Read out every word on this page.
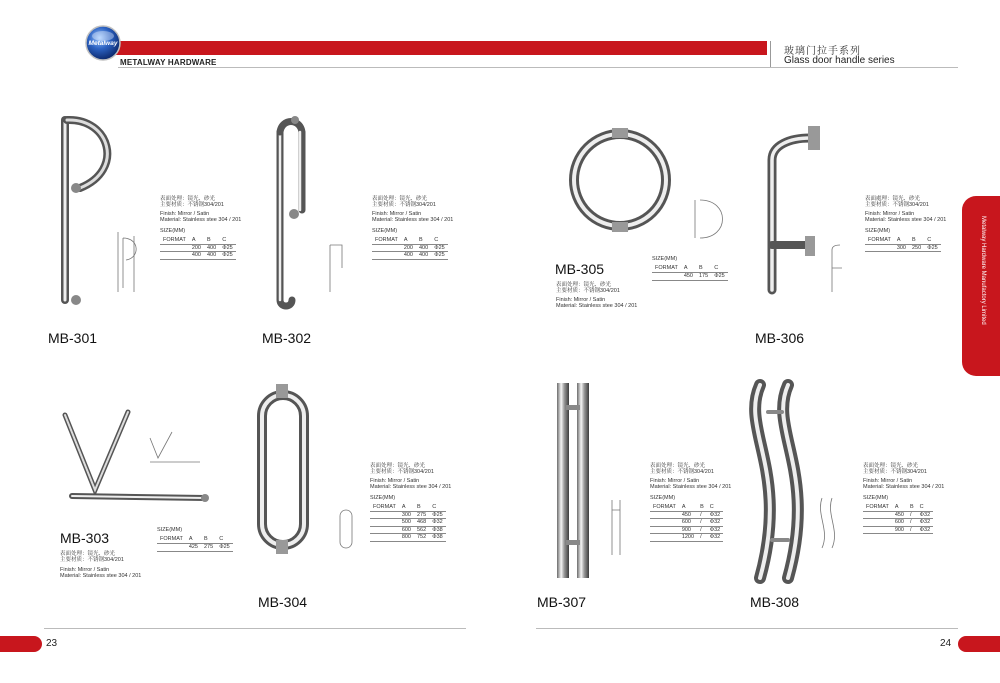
Metalway
METALWAY HARDWARE
玻璃门拉手系列
Glass door handle series
Metalway Hardware Manufactory Limited
表面处理：镜光、砂光
主要材质：不锈钢304/201
Finish: Mirror / Satin
Material: Stainless stee 304 / 201
SIZE(MM)
FORMAT	A	B	C
	200	400	Φ25
	400	400	Φ25
MB-301
表面处理：镜光、砂光
主要材质：不锈钢304/201
Finish: Mirror / Satin
Material: Stainless stee 304 / 201
SIZE(MM)
FORMAT	A	B	C
	200	400	Φ25
	400	400	Φ25
MB-302
MB-305
表面处理：镜光、砂光
主要材质：不锈钢304/201
Finish: Mirror / Satin
Material: Stainless stee 304 / 201
SIZE(MM)
FORMAT	A	B	C
	450	175	Φ25
表面處理：镜光、砂光
主要材质：不锈钢304/201
Finish: Mirror / Satin
Material: Stainless stee 304 / 201
SIZE(MM)
FORMAT	A	B	C
	300	250	Φ25
MB-306
MB-303
表面处理：镜光、砂光
主要材质：不锈钢304/201
Finish: Mirror / Satin
Material: Stainless stee 304 / 201
SIZE(MM)
FORMAT	A	B	C
	425	275	Φ25
表面处理：镜光、砂光
主要材质：不锈钢304/201
Finish: Mirror / Satin
Material: Stainless stee 304 / 201
SIZE(MM)
FORMAT	A	B	C
	300	275	Φ25
	500	468	Φ32
	600	562	Φ38
	800	752	Φ38
MB-304
表面处理：镜光、砂光
主要材质：不锈钢304/201
Finish: Mirror / Satin
Material: Stainless stee 304 / 201
SIZE(MM)
FORMAT	A	B	C
	450	/	Φ32
	600	/	Φ32
	900	/	Φ32
	1200	/	Φ32
MB-307
表面处理：镜光、砂光
主要材质：不锈钢304/201
Finish: Mirror / Satin
Material: Stainless stee 304 / 201
SIZE(MM)
FORMAT	A	B	C
	450	/	Φ32
	600	/	Φ32
	900	/	Φ32
MB-308
23	24
